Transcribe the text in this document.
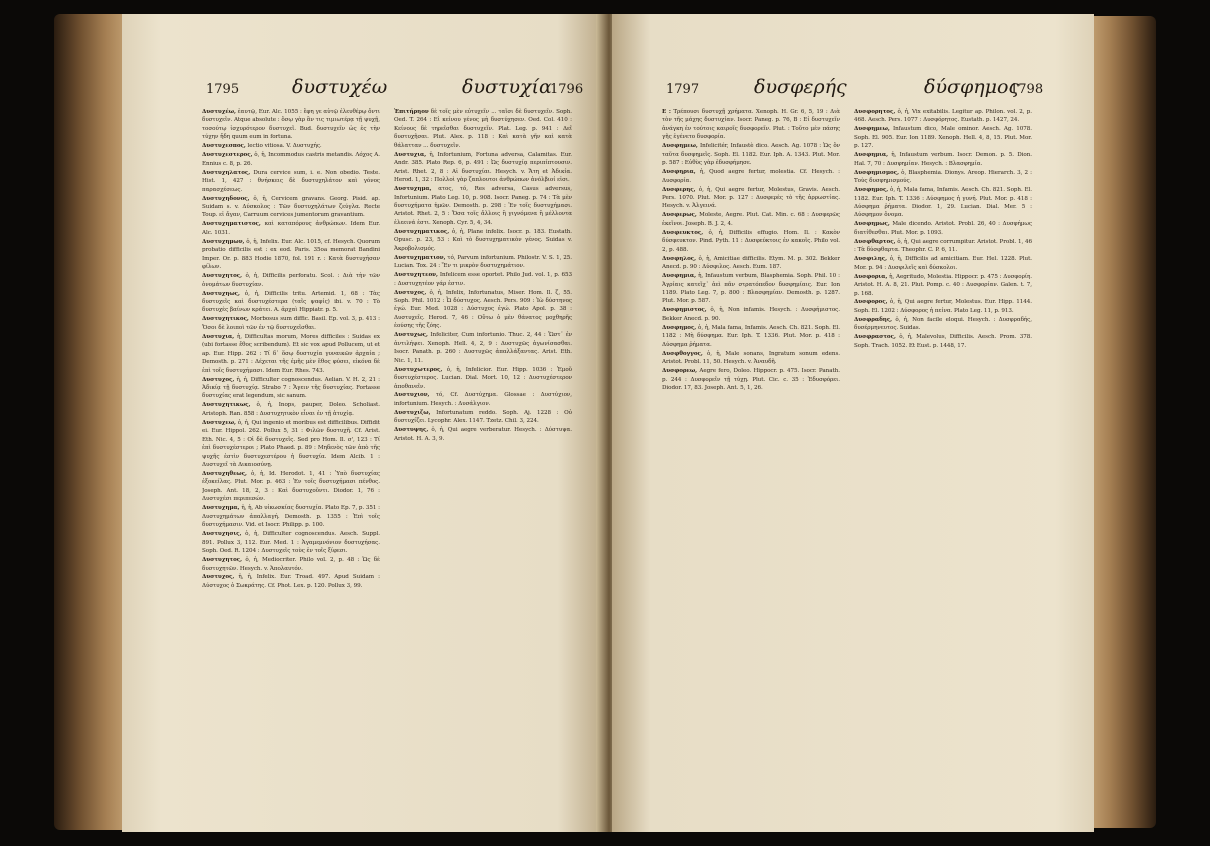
1795	δυστυχέω	δυστυχία
1796
Δυστυχέω, ἑαυτῷ, Eur. Alc. 1055 : ἔφη γε αὐτῷ ἐλευθέρῳ ὄντι δυστυχεῖν. Atque absolute : ὅσῳ γὰρ ἂν τις τιμιωτέρᾳ τῇ ψυχῇ, τοσούτῳ ἰσχυρότερον δυστυχεῖ. Bud. δυστυχεῖν ὡς ἐς τὴν τύχην ἤδη quum eum in fortuna.
Δυστυχεσπος, lectio vitiosa. V. Δυστυχής.
Δυστυχεστερος, ὁ, ἡ, Incommodus castris metandis. Λόχος A. Ennius c. 8, p. 26.
Δυστυχηλατος, Dura cervice sum, i. e. Non obedio. Teste. Hist. 1, 427 : θνήσκεις δὲ δυστυχηλάτον καὶ γόνος παρασχέσεως.
Δυστυχηδονος, ὁ, ἡ, Cervicem gravans. Georg. Pisid. ap. Suidam s. v. Δύσκολος : Τῶν δυστυχηλάτων ζεύγλα. Recte Toup. εἰ ἄγαν, Carruum cervices jumentorum gravantium.
Δυστυχηματιστος, καὶ καταπόρους ἀνθρώπων. Idem Eur. Alc. 1031.
Δυστυχημων, ὁ, ἡ, Infelix. Eur. Alc. 1015, cf. Hesych. Quorum probatio difficilis est : ex eod. Paris. 35oa memorat Bandini Imper. Or. p. 883 Hodie 1870, fol. 191 r. : Κατὰ δυστυχήσαν φίλων.
Δυστυχητος, ὁ, ἡ, Difficilis perforatu. Scol. : Διὰ τὴν τῶν ὀνομάτων δυστυχίαν.
Δυστυχηως, ὁ, ἡ, Difficilis tritu. Artemid. 1, 68 : Τὰς δυστυχεῖς καὶ δυστυχέστερα (ταῖς ψαφίς) ibi. v. 70 : Τὸ δυστυχὲς βαίνων κράτει. A. ἀρχαὶ Hippiatr. p. 5.
Δυστυχητικος, Morbosus sum diffic. Basil. Ep. vol. 3, p. 413 : Ὅσοι δὲ λοιποὶ τῶν ἐν τῷ δυστυχεῖσθαι.
Δυστυχια, ἡ, Difficultas morum, Mores difficiles : Suidas ex (ubi fortasse ἔθος scribendum). Et sic vox apud Pollucem, ut et ap. Eur. Hipp. 262 : Τί δ᾽ ὅσῳ δυστυχία γυναικῶν ἀρχαία ; Demosth. p. 271 : Δέχεται τῆς ἐμῆς μὲν ἔθος φύσει, εἰκόνα δὲ ἐπὶ τοῖς δυστυχήμασι. Idem Eur. Rhes. 743.
Δυστυχος, ἡ, ἡ, Difficulter cognoscendus. Aelian. V. H. 2, 21 : Ἀδικίᾳ τῇ δυστυχίᾳ. Strabo 7 : Ἄγειν τῆς δυστυχίας. Fortasse δυστυχίας erat legendum, sic sanum.
Δυστυχητικως, ὁ, ἡ, Inops, pauper, Doleo. Scholiast. Aristoph. Ran. 858 : Δυστυχητικὸν εἶναι ἐν τῇ ἀτυχίᾳ.
Δυστυχεω, ὁ, ἡ, Qui ingenio et moribus est difficilibus. Diffidit ei. Eur. Hippol. 262. Pollux 5, 31 : Φιλῶν δυστυχῆ. Cf. Arist. Eth. Nic. 4, 5 : Οἱ δὲ δυστυχεῖς. Sed pro Hom. Il. σ', 123 : Τί ἐπὶ δυστυχέστεροι ; Plato Phaed. p. 89 : Μηδενὸς τῶν ἀπὸ τῆς ψυχῆς ἐστὶν δυστυχεστέρου ἡ δυστυχία. Idem Alcib. 1 : Δυστυχεῖ τὰ Δικαιοσύνῃ.
Δυστυχηθεως, ὁ, ἡ, Id. Herodot. 1, 41 : Ὑπὸ δυστυχίας ἐξοκείλας. Plut. Mor. p. 463 : Ἐν τοῖς δυστυχήμασι πένθος. Joseph. Ant. 18, 2, 3 : Καὶ δυστυχοῦντι. Diodor. 1, 76 : Δυστυχέσι περιπεσών.
Δυστυχημα, ἡ, ἡ, Ab υἱκωσκίας δυστυχία. Plato Ep. 7, p. 351 : Δυστυχημάτων ἀπαλλαγή. Demosth. p. 1355 : Ἐπὶ τοῖς δυστυχήμασιν. Vid. et Isocr. Philipp. p. 100.
Δυστυχησις, ὁ, ἡ, Difficulter cognoscendus. Aesch. Suppl. 891. Pollux 3, 112. Eur. Med. 1 : Ἀγαμεμνόνιον δυστυχήσας. Soph. Oed. R. 1204 : Δυστυχεῖς τοὺς ἐν τοῖς ξίφεσι.
Δυστυχητος, ὁ, ἡ, Mediocriter. Philo vol. 2, p. 48 : Ὡς δὲ δυστυχητῶν. Hesych. v. Ἀπολαυτόν.
Δυστυχος, ἡ, ἡ, Infelix. Eur. Troad. 497. Apud Suidam : Δύστυχος ὁ Σωκράτης. Cf. Phot. Lex. p. 120. Pollux 3, 99.
Ἐπιτήρηον δὲ τοῖς μὲν εὐτυχεῖν ... ταῖσι δὲ δυστυχεῖν. Soph. Oed. T. 264 : Εἰ κείνου γένος μὴ δυστύχησεν. Oed. Col. 410 : Κείνους δὲ τηρεῖσθαι δυστυχεῖν. Plat. Leg. p. 941 : Δεῖ δυστυχῆσαι. Plut. Alex. p. 118 : Καὶ κατὰ γῆν καὶ κατὰ θάλατταν ... δυστυχεῖν.
Δυστυχια, ἡ, Infortunium, Fortuna adversa, Calamitas. Eur. Andr. 385. Plato Rep. 6, p. 491 : Ὡς δυστυχίᾳ περιπίπτουσιν. Arist. Rhet. 2, 8 : Αἱ δυστυχίαι. Hesych. v. Ἄτη et Ἀδικία. Herod. 1, 32 : Πολλοὶ γὰρ ζαπλουτοι ἀνθρώπων ἀνόλβιοί εἰσι.
Δυστυχημα, ατος, τό, Res adversa, Casus adversus, Infortunium. Plato Leg. 10, p. 908. Isocr. Paneg. p. 74 : Τὰ μὲν δυστυχήματα ἡμῶν. Demosth. p. 298 : Ἐν τοῖς δυστυχήμασι. Aristot. Rhet. 2, 5 : Ὅσα τοῖς ἄλλοις ἢ γιγνόμενα ἢ μέλλοντα ἐλεεινά ἐστι. Xenoph. Cyr. 5, 4, 34.
Δυστυχηματικος, ὁ, ἡ, Plane infelix. Isocr. p. 183. Eustath. Opusc. p. 23, 53 : Καὶ τὸ δυστυχηματικὸν γένος. Suidas v. Ἀκροβολισμός.
Δυστυχηματιον, τό, Parvum infortunium. Philostr. V. S. 1, 25. Lucian. Tox. 24 : Ἕν τι μικρὸν δυστυχημάτιον.
Δυστυχητεον, Infelicem esse oportet. Philo Jud. vol. 1, p. 653 : Δυστυχητέον γάρ ἐστιν.
Δυστυχος, ὁ, ἡ, Infelix, Infortunatus, Miser. Hom. Il. ζ, 55. Soph. Phil. 1012 : Ὦ δύστυχος. Aesch. Pers. 909 : Ἰὼ δύστηνος ἐγώ. Eur. Med. 1028 : Δύστυχος ἐγώ. Plato Apol. p. 38 : Δυστυχεῖς. Herod. 7, 46 : Οὕτω ὁ μὲν θάνατος μοχθηρῆς ἐούσης τῆς ζόης.
Δυστυχως, Infeliciter, Cum infortunio. Thuc. 2, 44 : Ὥστ᾽ ἐν ἀντιλήψει. Xenoph. Hell. 4, 2, 9 : Δυστυχῶς ἀγωνίσασθαι. Isocr. Panath. p. 260 : Δυστυχῶς ἀπαλλάξαντας. Arist. Eth. Nic. 1, 11.
Δυστυχωτερος, ὁ, ἡ, Infelicior. Eur. Hipp. 1036 : Ἐμοῦ δυστυχέστερος. Lucian. Dial. Mort. 10, 12 : Δυστυχέστερον ἀποθανεῖν.
Δυστυχιον, τό, Cf. Δυστύχημα. Glossae : Δυστύχιον, infortunium. Hesych. : Δυσάλγιον.
Δυστυχιζω, Infortunatum reddo. Soph. Aj. 1228 : Οὐ δυστυχίζει. Lycophr. Alex. 1147. Tzetz. Chil. 3, 224.
Δυστυψης, ὁ, ἡ, Qui aegre verberatur. Hesych. : Δύστυψα. Aristot. H. A. 3, 9.
1797	δυσφερής	δύσφημος
1798
Ε : Τρέπουσι δυστυχῇ χρήματα. Xenoph. H. Gr. 6, 5, 19 : Διὰ τὸν τῆς μάχης δυστυχίαν. Isocr. Paneg. p. 76, B : Εἰ δυστυχεῖν ἀνάγκη ἐν τούτοις καιροῖς δυσφορεῖν. Plut. : Τοῦτο μὲν πάσης γῆς ἐγένετο δυσφορία.
Δυσφημεω, Infelicitér, Infaustè dico. Aesch. Ag. 1078 : Ὡς ὃν ταῦτα δυσφημεῖς. Soph. El. 1182. Eur. Iph. A. 1343. Plut. Mor. p. 587 : Εὐθὺς γὰρ ἐδυσφήμησε.
Δυσφηρια, ἡ, Quod aegre fertur, molestia. Cf. Hesych. : Δυσφορία.
Δυσφερης, ὁ, ἡ, Qui aegre fertur, Molestus, Gravis. Aesch. Pers. 1070. Plut. Mor. p. 127 : Δυσφερὲς τὸ τῆς ἀρρωστίας. Hesych. v. Ἀλγεινά.
Δυσφερως, Moleste, Aegre. Plut. Cat. Min. c. 68 : Δυσφερῶς ἐκεῖνοι. Joseph. B. J. 2, 4.
Δυσφευκτος, ὁ, ἡ, Difficilis effugio. Hom. Il. : Κακὸν δύσφευκτον. Pind. Pyth. 11 : Δυσφεύκτοις ἐν κακοῖς. Philo vol. 2, p. 488.
Δυσφηλος, ὁ, ἡ, Amicitiae difficilis. Etym. M. p. 302. Bekker Anecd. p. 90 : Δύσφιλος. Aesch. Eum. 187.
Δυσφημια, ἡ, Infaustum verbum, Blasphemia. Soph. Phil. 10 : Ἀγρίαις κατεῖχ᾽ ἀεὶ πᾶν στρατόπεδον δυσφημίαις. Eur. Ion 1189. Plato Leg. 7, p. 800 : Βλασφημίαν. Demosth. p. 1287. Plut. Mor. p. 587.
Δυσφημιστος, ὁ, ἡ, Non infamis. Hesych. : Δυσφήμιστος. Bekker Anecd. p. 90.
Δυσφημος, ὁ, ἡ, Mala fama, Infamis. Aesch. Ch. 821. Soph. El. 1182 : Μὴ δύσφημα. Eur. Iph. T. 1336. Plut. Mor. p. 418 : Δύσφημα ῥήματα.
Δυσφθογγος, ὁ, ἡ, Male sonans, Ingratum sonum edens. Aristot. Probl. 11, 50. Hesych. v. Ἀναυδῆ.
Δυσφορεω, Aegre fero, Doleo. Hippocr. p. 475. Isocr. Panath. p. 244 : Δυσφορεῖν τῇ τύχῃ. Plut. Cic. c. 35 : Ἐδυσφόρει. Diodor. 17, 83. Joseph. Ant. 5, 1, 26.
Δυσφορητος, ὁ, ἡ, Vix exitabilis. Legitur ap. Philon. vol. 2, p. 468. Aesch. Pers. 1077 : Δυσφόρητος. Eustath. p. 1427, 24.
Δυσφημεω, Infaustum dico, Male ominor. Aesch. Ag. 1078. Soph. El. 905. Eur. Ion 1189. Xenoph. Hell. 4, 8, 15. Plut. Mor. p. 127.
Δυσφημια, ἡ, Infaustum verbum. Isocr. Demon. p. 5. Dion. Hal. 7, 70 : Δυσφημίαν. Hesych. : Βλασφημία.
Δυσφημισμος, ὁ, Blasphemia. Dionys. Areop. Hierarch. 3, 2 : Τοὺς δυσφημισμούς.
Δυσφημος, ὁ, ἡ, Mala fama, Infamis. Aesch. Ch. 821. Soph. El. 1182. Eur. Iph. T. 1336 : Δύσφημος ἡ γυνή. Plut. Mor. p. 418 : Δύσφημα ῥήματα. Diodor. 1, 29. Lucian. Dial. Mer. 5 : Δύσφημον ὄνομα.
Δυσφημως, Male dicendo. Aristot. Probl. 26, 40 : Δυσφήμως διατίθεσθαι. Plut. Mor. p. 1093.
Δυσφθαρτος, ὁ, ἡ, Qui aegre corrumpitur. Aristot. Probl. 1, 46 : Τὰ δύσφθαρτα. Theophr. C. P. 6, 11.
Δυσφιλης, ὁ, ἡ, Difficilis ad amicitiam. Eur. Hel. 1228. Plut. Mor. p. 94 : Δυσφιλεῖς καὶ δύσκολοι.
Δυσφορια, ἡ, Aegritudo, Molestia. Hippocr. p. 475 : Δυσφορίη. Aristot. H. A. 8, 21. Plut. Pomp. c. 40 : Δυσφορίαν. Galen. t. 7, p. 168.
Δυσφορος, ὁ, ἡ, Qui aegre fertur, Molestus. Eur. Hipp. 1144. Soph. El. 1202 : Δύσφορος ἡ πείνα. Plato Leg. 11, p. 913.
Δυσφραδης, ὁ, ἡ, Non facile eloqui. Hesych. : Δυσφραδής, δυσέρμηνευτος. Suidas.
Δυσφραστος, ὁ, ἡ, Malevolus, Difficilis. Aesch. Prom. 378. Soph. Trach. 1052. Et Eust. p. 1448, 17.
